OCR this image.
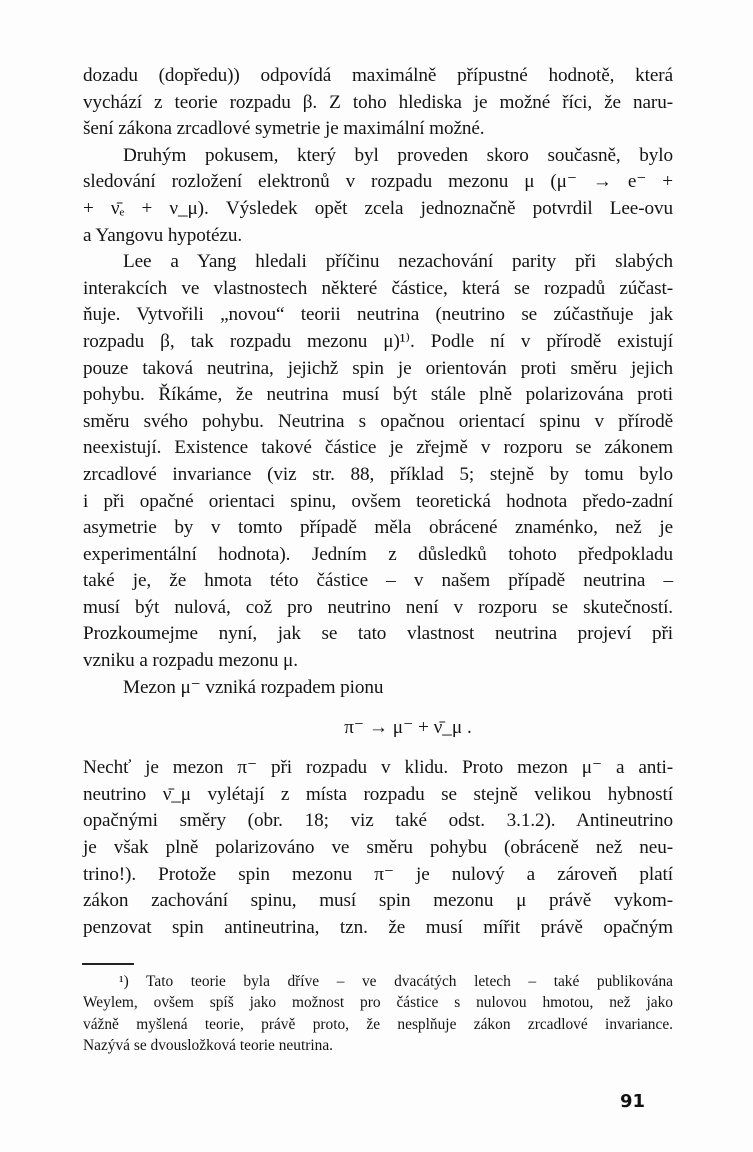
dozadu (dopředu)) odpovídá maximálně přípustné hodnotě, která
vychází z teorie rozpadu β. Z toho hlediska je možné říci, že naru-
šení zákona zrcadlové symetrie je maximální možné.
Druhým pokusem, který byl proveden skoro současně, bylo
sledování rozložení elektronů v rozpadu mezonu μ (μ⁻ → e⁻ +
+ ν̄ₑ + ν_μ). Výsledek opět zcela jednoznačně potvrdil Lee-ovu
a Yangovu hypotézu.
Lee a Yang hledali příčinu nezachování parity při slabých
interakcích ve vlastnostech některé částice, která se rozpadů zúčast-
ňuje. Vytvořili „novou“ teorii neutrina (neutrino se zúčastňuje jak
rozpadu β, tak rozpadu mezonu μ)¹⁾. Podle ní v přírodě existují
pouze taková neutrina, jejichž spin je orientován proti směru jejich
pohybu. Říkáme, že neutrina musí být stále plně polarizována proti
směru svého pohybu. Neutrina s opačnou orientací spinu v přírodě
neexistují. Existence takové částice je zřejmě v rozporu se zákonem
zrcadlové invariance (viz str. 88, příklad 5; stejně by tomu bylo
i při opačné orientaci spinu, ovšem teoretická hodnota předo-zadní
asymetrie by v tomto případě měla obrácené znaménko, než je
experimentální hodnota). Jedním z důsledků tohoto předpokladu
také je, že hmota této částice – v našem případě neutrina –
musí být nulová, což pro neutrino není v rozporu se skutečností.
Prozkoumejme nyní, jak se tato vlastnost neutrina projeví při
vzniku a rozpadu mezonu μ.
Mezon μ⁻ vzniká rozpadem pionu
π⁻ → μ⁻ + ν̄_μ .
Nechť je mezon π⁻ při rozpadu v klidu. Proto mezon μ⁻ a anti-
neutrino ν̄_μ vylétají z místa rozpadu se stejně velikou hybností
opačnými směry (obr. 18; viz také odst. 3.1.2). Antineutrino
je však plně polarizováno ve směru pohybu (obráceně než neu-
trino!). Protože spin mezonu π⁻ je nulový a zároveň platí
zákon zachování spinu, musí spin mezonu μ právě vykom-
penzovat spin antineutrina, tzn. že musí mířit právě opačným
¹) Tato teorie byla dříve – ve dvacátých letech – také publikována
Weylem, ovšem spíš jako možnost pro částice s nulovou hmotou, než jako
vážně myšlená teorie, právě proto, že nesplňuje zákon zrcadlové invariance.
Nazývá se dvousložková teorie neutrina.
91
